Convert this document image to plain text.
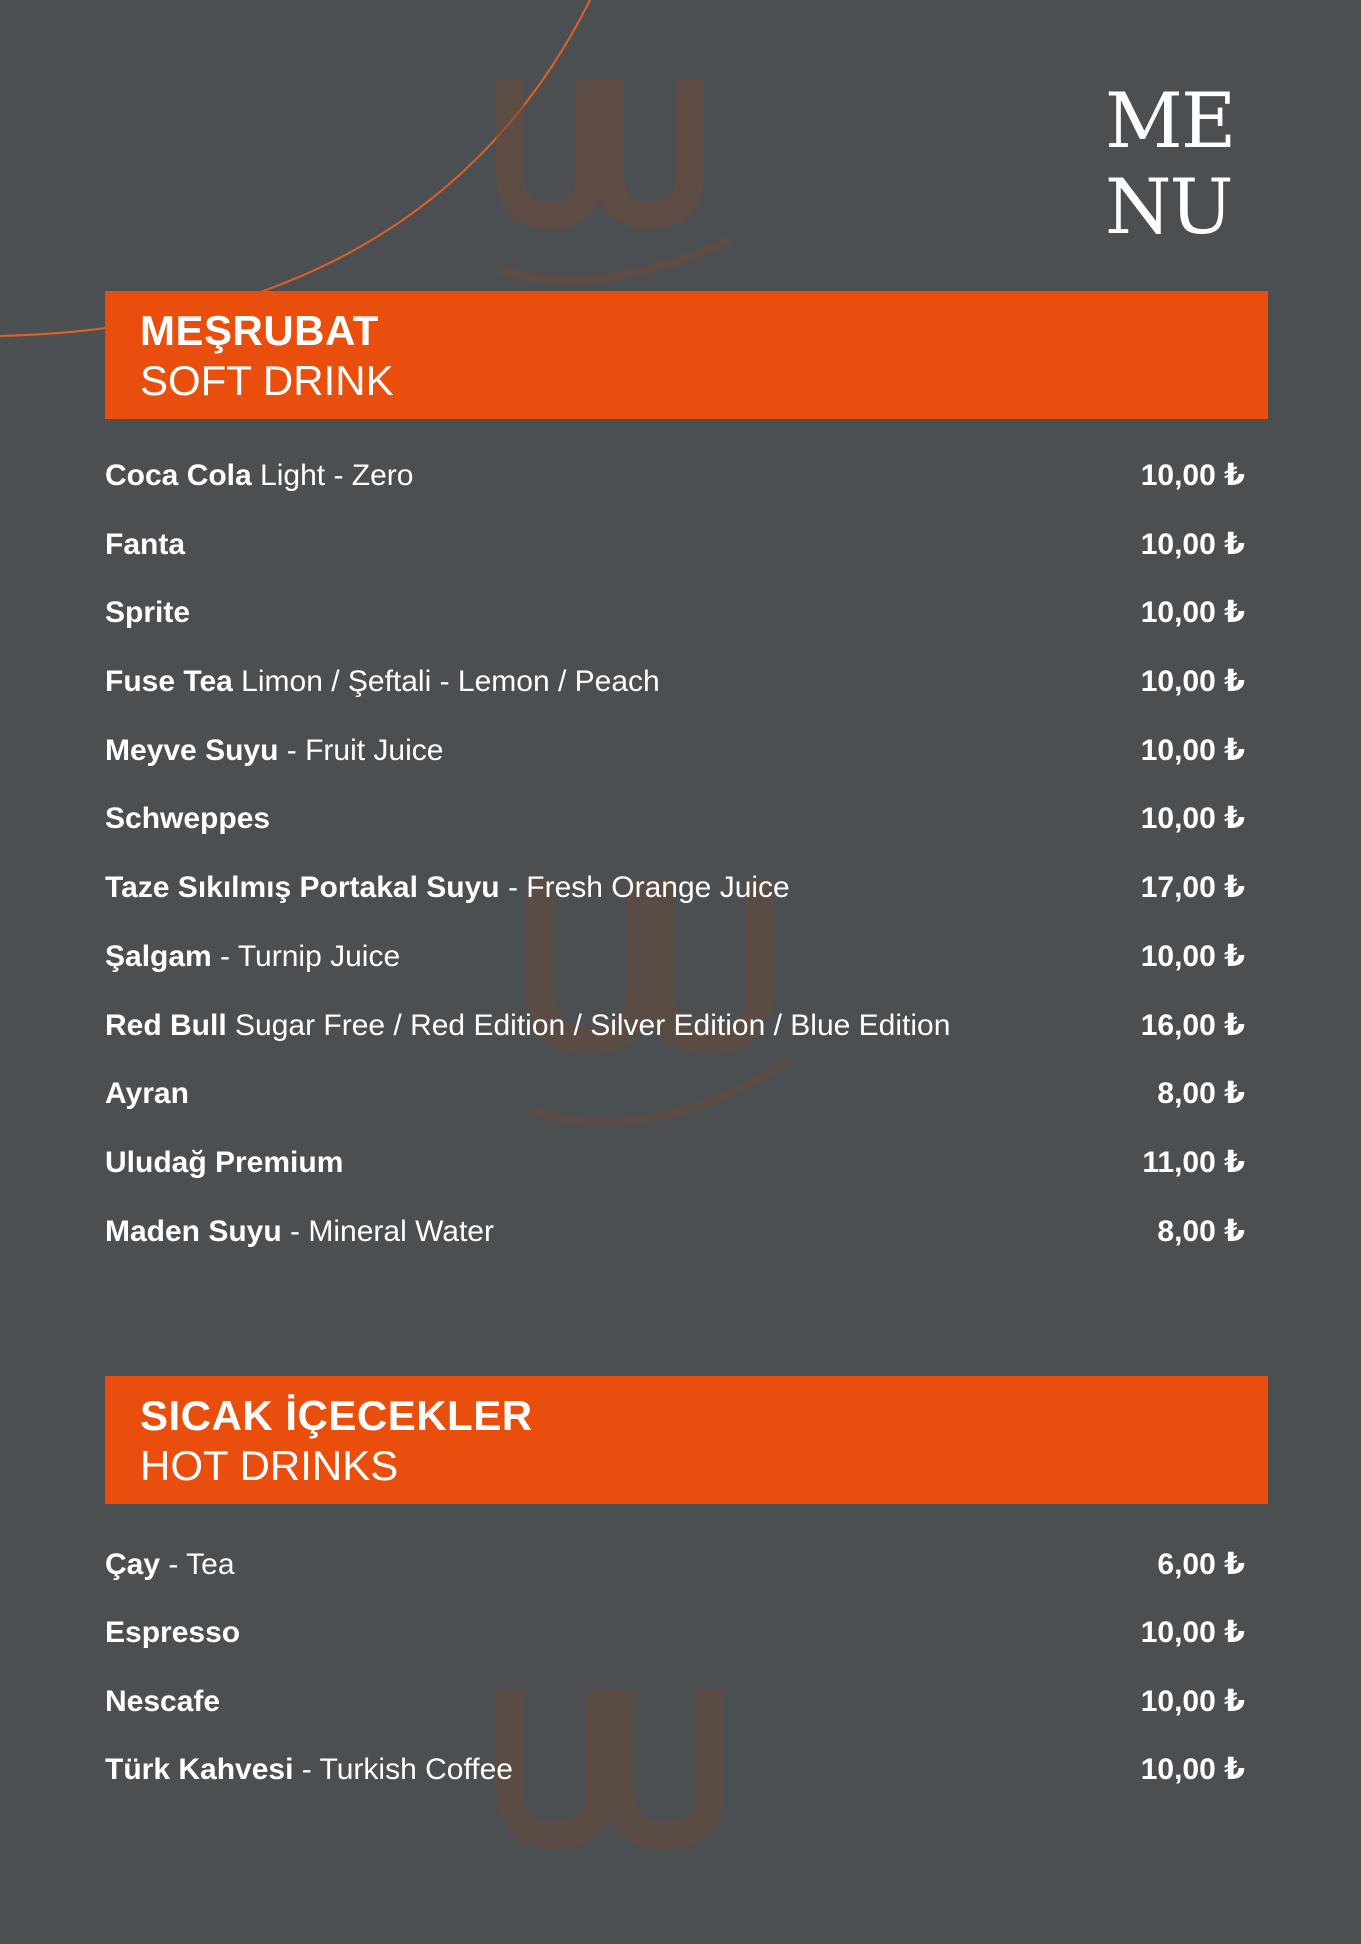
ME
NU
MEŞRUBAT
SOFT DRINK
Coca Cola Light - Zero	10,00 ₺
Fanta	10,00 ₺
Sprite	10,00 ₺
Fuse Tea Limon / Şeftali - Lemon / Peach	10,00 ₺
Meyve Suyu - Fruit Juice	10,00 ₺
Schweppes	10,00 ₺
Taze Sıkılmış Portakal Suyu - Fresh Orange Juice	17,00 ₺
Şalgam - Turnip Juice	10,00 ₺
Red Bull Sugar Free / Red Edition / Silver Edition / Blue Edition	16,00 ₺
Ayran	8,00 ₺
Uludağ Premium	11,00 ₺
Maden Suyu - Mineral Water	8,00 ₺
SICAK İÇECEKLER
HOT DRINKS
Çay - Tea	6,00 ₺
Espresso	10,00 ₺
Nescafe	10,00 ₺
Türk Kahvesi - Turkish Coffee	10,00 ₺
